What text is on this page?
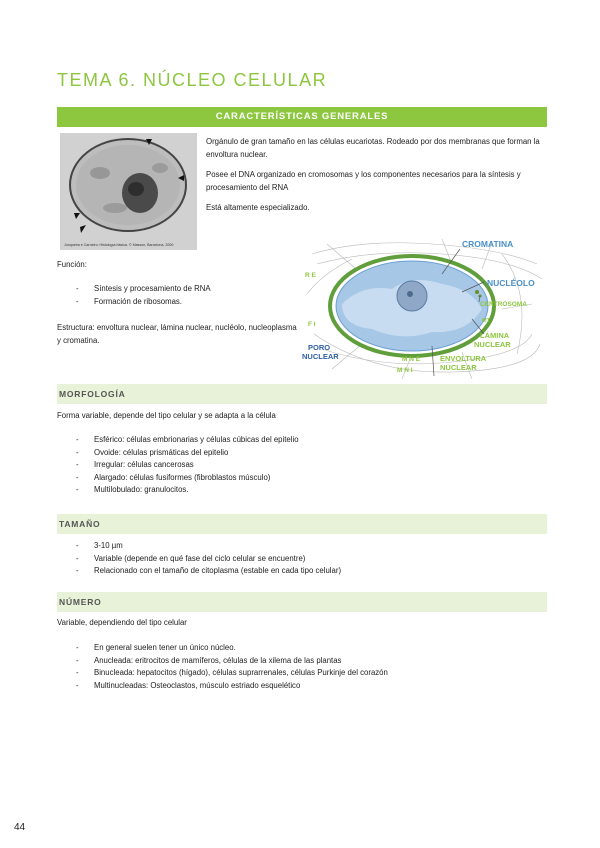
TEMA 6. NÚCLEO CELULAR
CARACTERÍSTICAS GENERALES
Junqueira e Carneiro: Histología básica. © Masson, Barcelona, 2000

Orgánulo de gran tamaño en las células eucariotas. Rodeado por dos membranas que forman la envoltura nuclear.

Posee el DNA organizado en cromosomas y los componentes necesarios para la síntesis y procesamiento del RNA

Está altamente especializado.

Función:
- Síntesis y procesamiento de RNA
- Formación de ribosomas.
Estructura: envoltura nuclear, lámina nuclear, nucléolo, nucleoplasma y cromatina.
CROMATINA
NUCLÉOLO
CENTROSOMA
R E
F I
M N E
M N I
MT
LÁMINA
NUCLEAR
ENVOLTURA
NUCLEAR
PORO
NUCLEAR
MORFOLOGÍA
Forma variable, depende del tipo celular y se adapta a la célula
- Esférico: células embrionarias y células cúbicas del epitelio
- Ovoide: células prismáticas del epitelio
- Irregular: células cancerosas
- Alargado: células fusiformes (fibroblastos músculo)
- Multilobulado: granulocitos.
TAMAÑO
- 3-10 µm
- Variable (depende en qué fase del ciclo celular se encuentre)
- Relacionado con el tamaño de citoplasma (estable en cada tipo celular)
NÚMERO
Variable, dependiendo del tipo celular
- En general suelen tener un único núcleo.
- Anucleada: eritrocitos de mamíferos, células de la xilema de las plantas
- Binucleada: hepatocitos (hígado), células suprarrenales, células Purkinje del corazón
- Multinucleadas: Osteoclastos, músculo estriado esquelético
44
